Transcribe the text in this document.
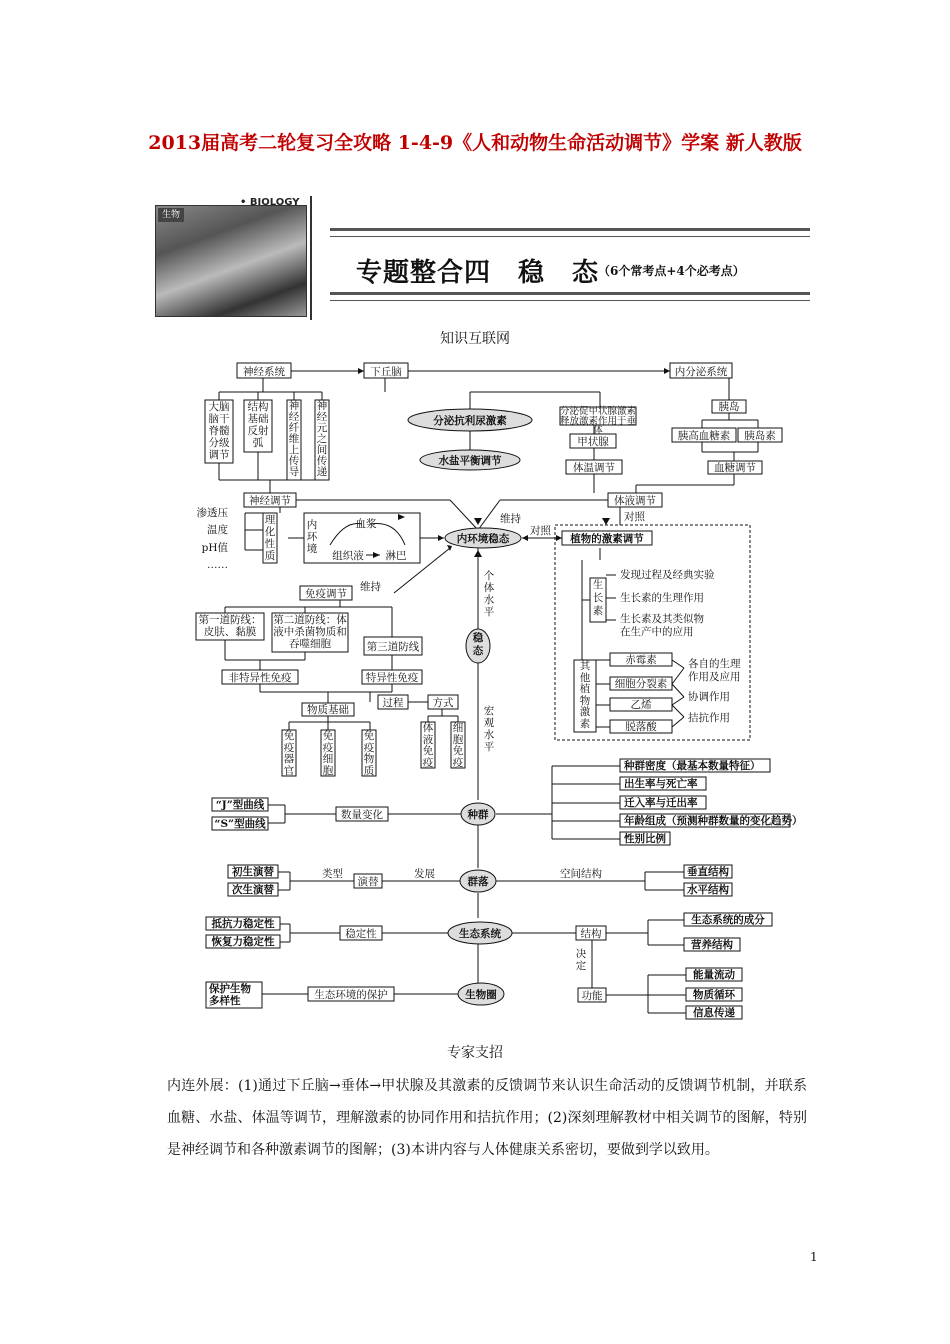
2013届高考二轮复习全攻略 1-4-9《人和动物生命活动调节》学案 新人教版
生物
• BIOLOGY
专题整合四　稳　态
（6个常考点+4个必考点）
知识互联网
神经系统	下丘脑	内分泌系统
大脑脑干脊髓分级调节
结构基础反射弧
神经纤维上传导
神经元之间传递
分泌抗利尿激素
水盐平衡调节
分泌促甲状腺激素释放激素作用于垂体
甲状腺
体温调节
胰岛
胰高血糖素 胰岛素
血糖调节
神经调节	体液调节
渗透压
温度
pH值
……
理化性质
内环境
血浆
组织液 淋巴
内环境稳态
维持
对照
对照
植物的激素调节
生长素
发现过程及经典实验
生长素的生理作用
生长素及其类似物
在生产中的应用
其他植物激素
赤霉素
细胞分裂素
乙烯
脱落酸
各自的生理
作用及应用
协调作用
拮抗作用
免疫调节
维持
第一道防线：皮肤、黏膜
第二道防线：体液中杀菌物质和吞噬细胞	第三道防线
非特异性免疫	特异性免疫
物质基础
过程	方式
免疫器官
免疫细胞
免疫物质
体液免疫
细胞免疫
个体水平
宏观水平
稳态
种群
种群密度（最基本数量特征）
出生率与死亡率
迁入率与迁出率
年龄组成（预测种群数量的变化趋势）
性别比例
“J”型曲线
“S”型曲线
数量变化
群落
初生演替
次生演替
类型
演替
发展	空间结构	垂直结构
水平结构
生态系统
抵抗力稳定性
恢复力稳定性
稳定性	结构
生态系统的成分
营养结构
决定
功能
能量流动
物质循环
信息传递
生物圈
保护生物多样性	生态环境的保护
专家支招
内连外展：(1)通过下丘脑→垂体→甲状腺及其激素的反馈调节来认识生命活动的反馈调节机制，并联系血糖、水盐、体温等调节，理解激素的协同作用和拮抗作用；(2)深刻理解教材中相关调节的图解，特别是神经调节和各种激素调节的图解；(3)本讲内容与人体健康关系密切，要做到学以致用。
1
